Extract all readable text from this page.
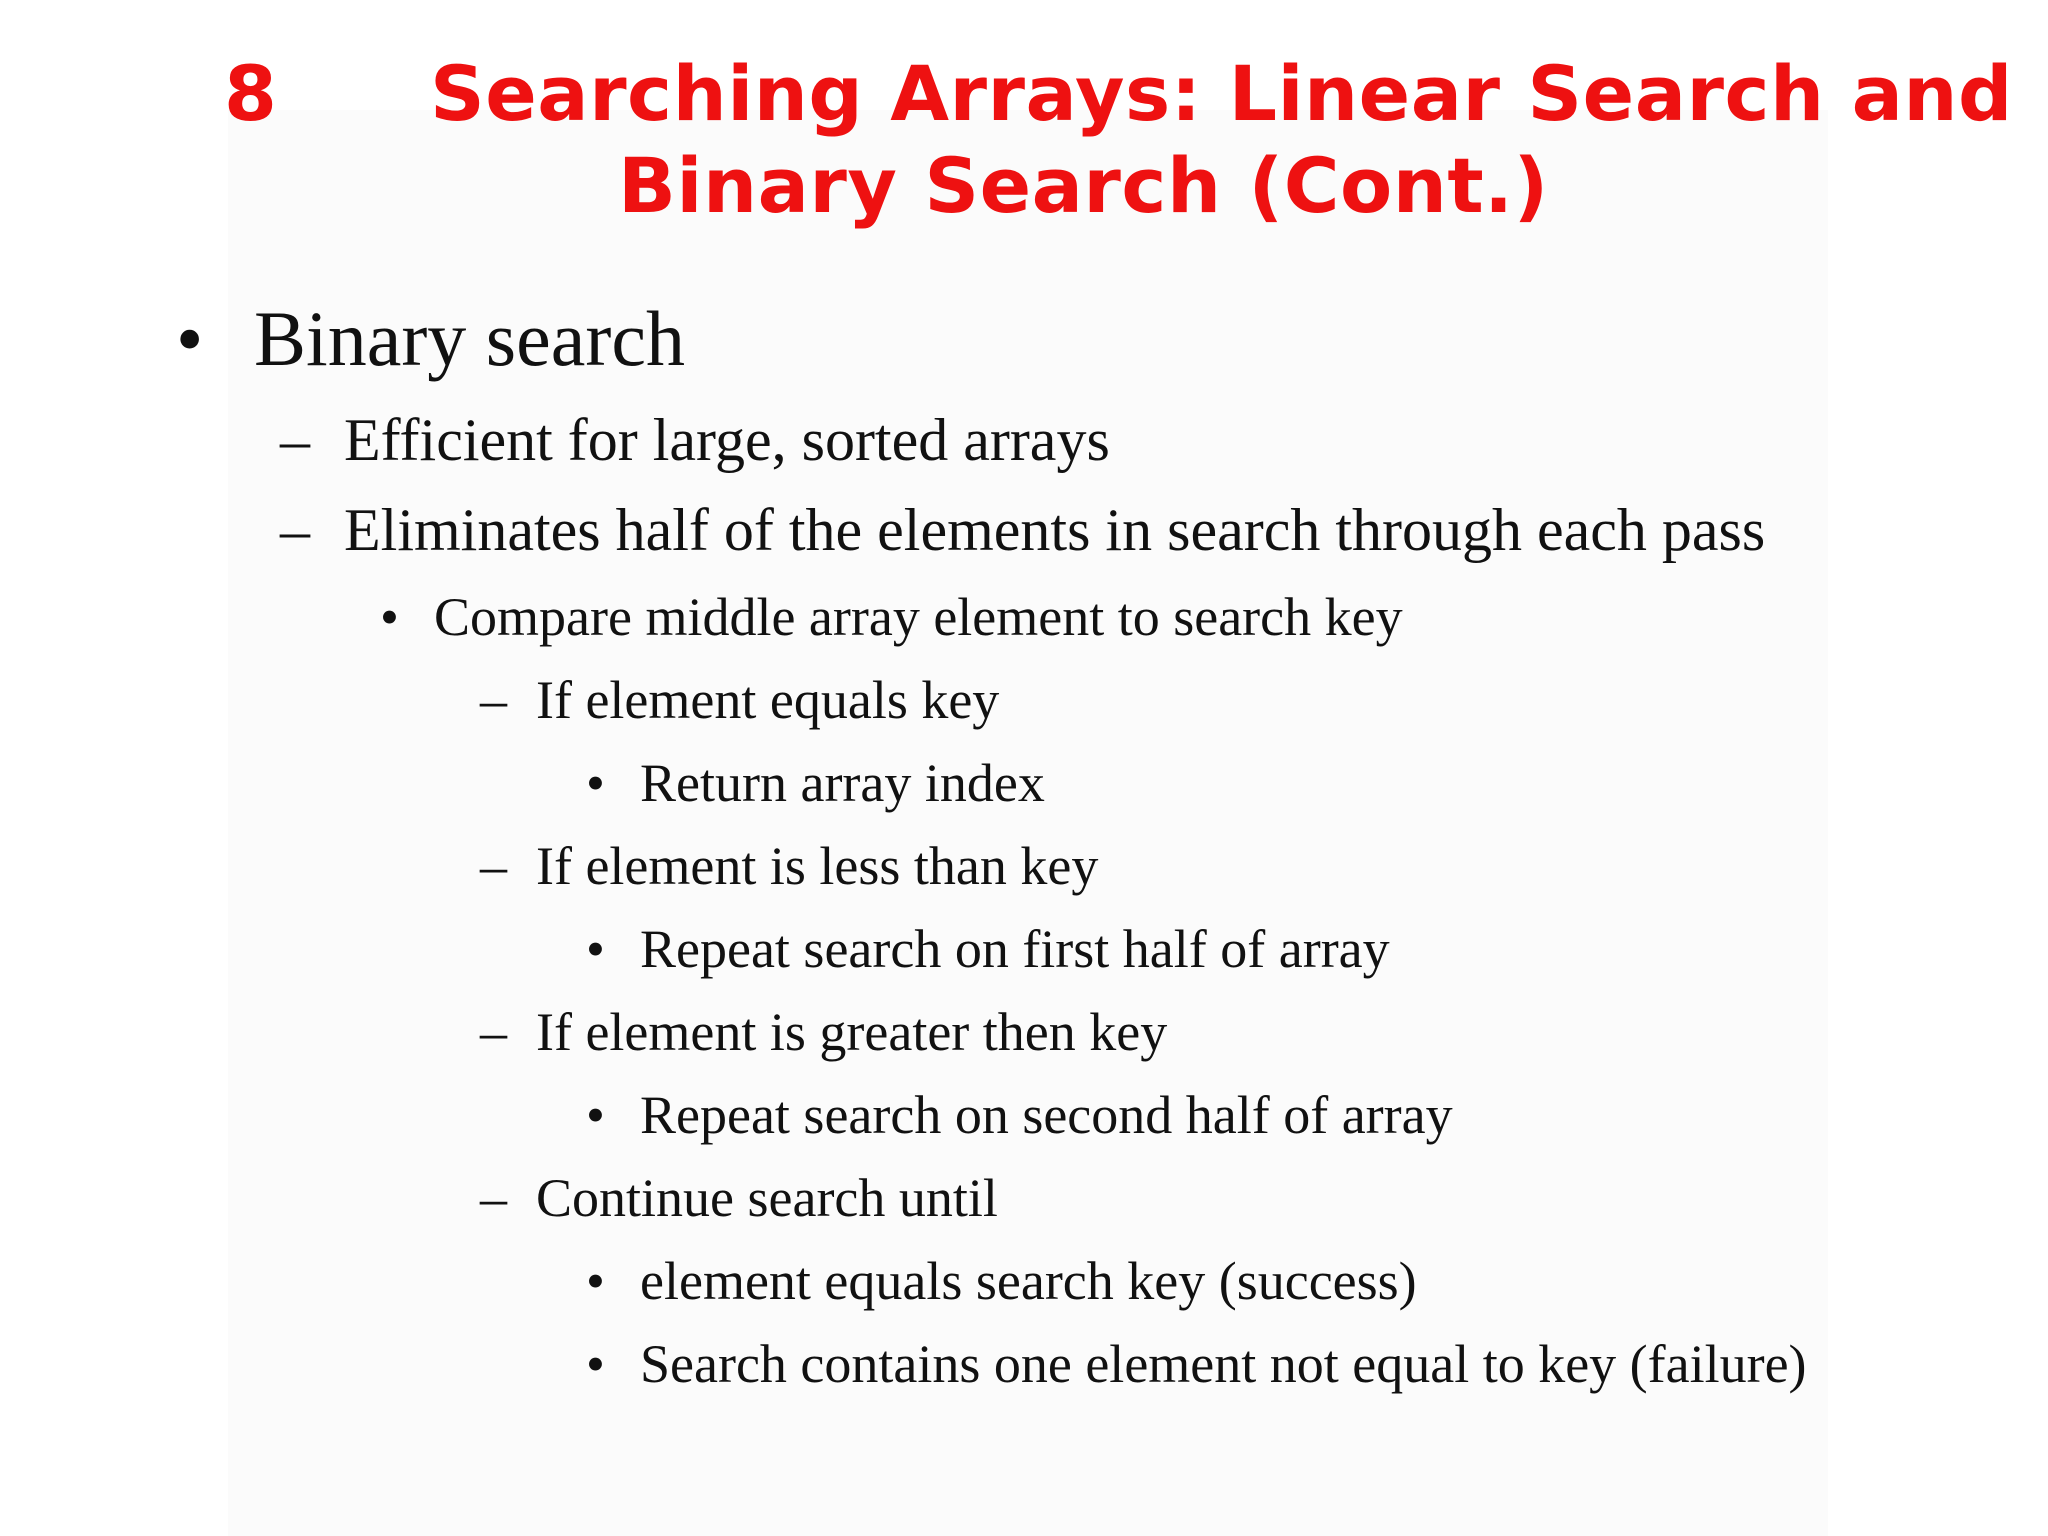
8 Searching Arrays: Linear Search and
Binary Search (Cont.)
• Binary search
– Efficient for large, sorted arrays
– Eliminates half of the elements in search through each pass
• Compare middle array element to search key
– If element equals key
• Return array index
– If element is less than key
• Repeat search on first half of array
– If element is greater then key
• Repeat search on second half of array
– Continue search until
• element equals search key (success)
• Search contains one element not equal to key (failure)
